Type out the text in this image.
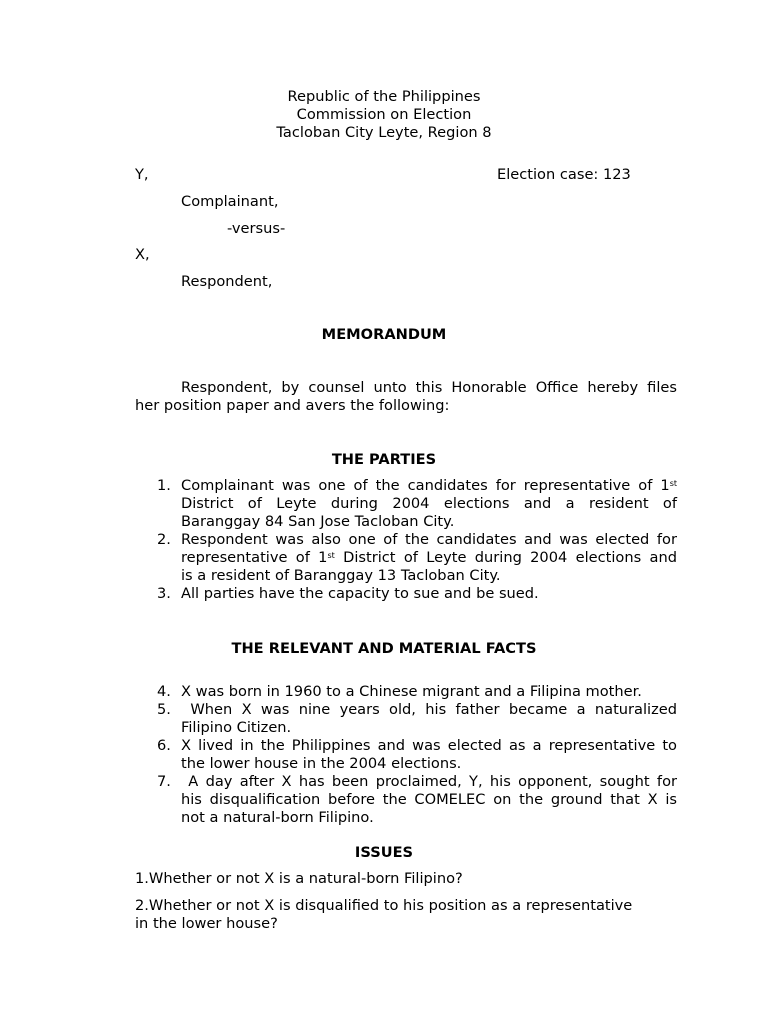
Republic of the Philippines
Commission on Election
Tacloban City Leyte, Region 8
Y,	Election case: 123
Complainant,
-versus-
X,
Respondent,
MEMORANDUM
Respondent, by counsel unto this Honorable Office hereby files
her position paper and avers the following:
THE PARTIES
1. Complainant was one of the candidates for representative of 1st
District of Leyte during 2004 elections and a resident of
Baranggay 84 San Jose Tacloban City.
2. Respondent was also one of the candidates and was elected for
representative of 1st District of Leyte during 2004 elections and
is a resident of Baranggay 13 Tacloban City.
3. All parties have the capacity to sue and be sued.
THE RELEVANT AND MATERIAL FACTS
4. X was born in 1960 to a Chinese migrant and a Filipina mother.
5. When X was nine years old, his father became a naturalized
Filipino Citizen.
6. X lived in the Philippines and was elected as a representative to
the lower house in the 2004 elections.
7. A day after X has been proclaimed, Y, his opponent, sought for
his disqualification before the COMELEC on the ground that X is
not a natural-born Filipino.
ISSUES
1.Whether or not X is a natural-born Filipino?
2.Whether or not X is disqualified to his position as a representative
in the lower house?
